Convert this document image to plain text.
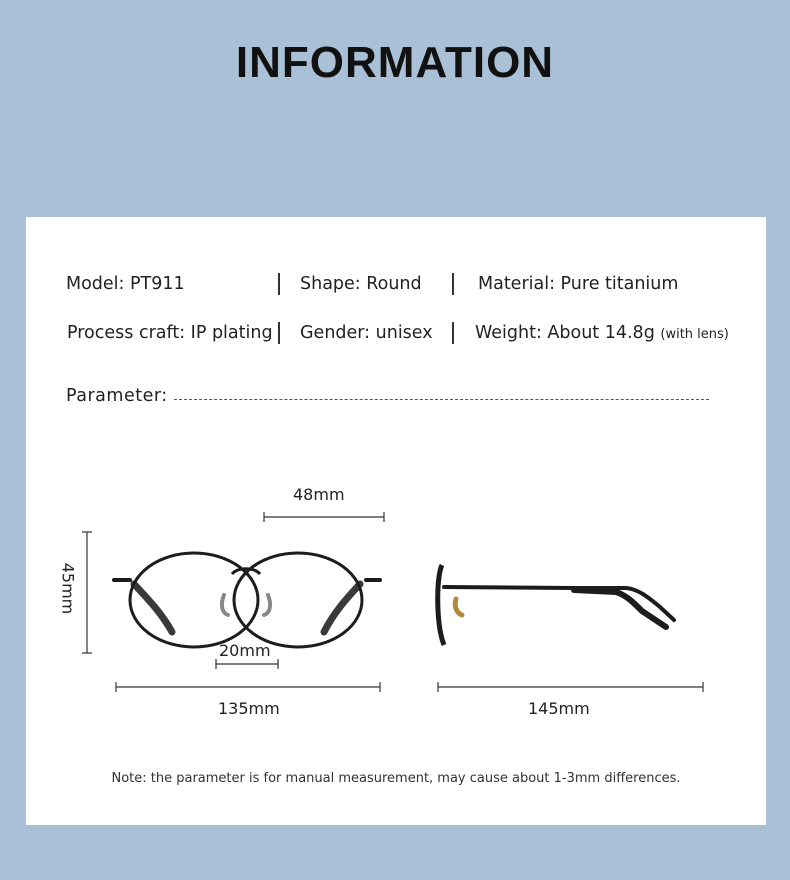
INFORMATION
Model: PT911	Shape: Round	Material: Pure titanium
Process craft: IP plating Gender: unisex Weight: About 14.8g (with lens)
Parameter:
48mm
45mm
20mm
135mm	145mm
Note: the parameter is for manual measurement, may cause about 1-3mm differences.
